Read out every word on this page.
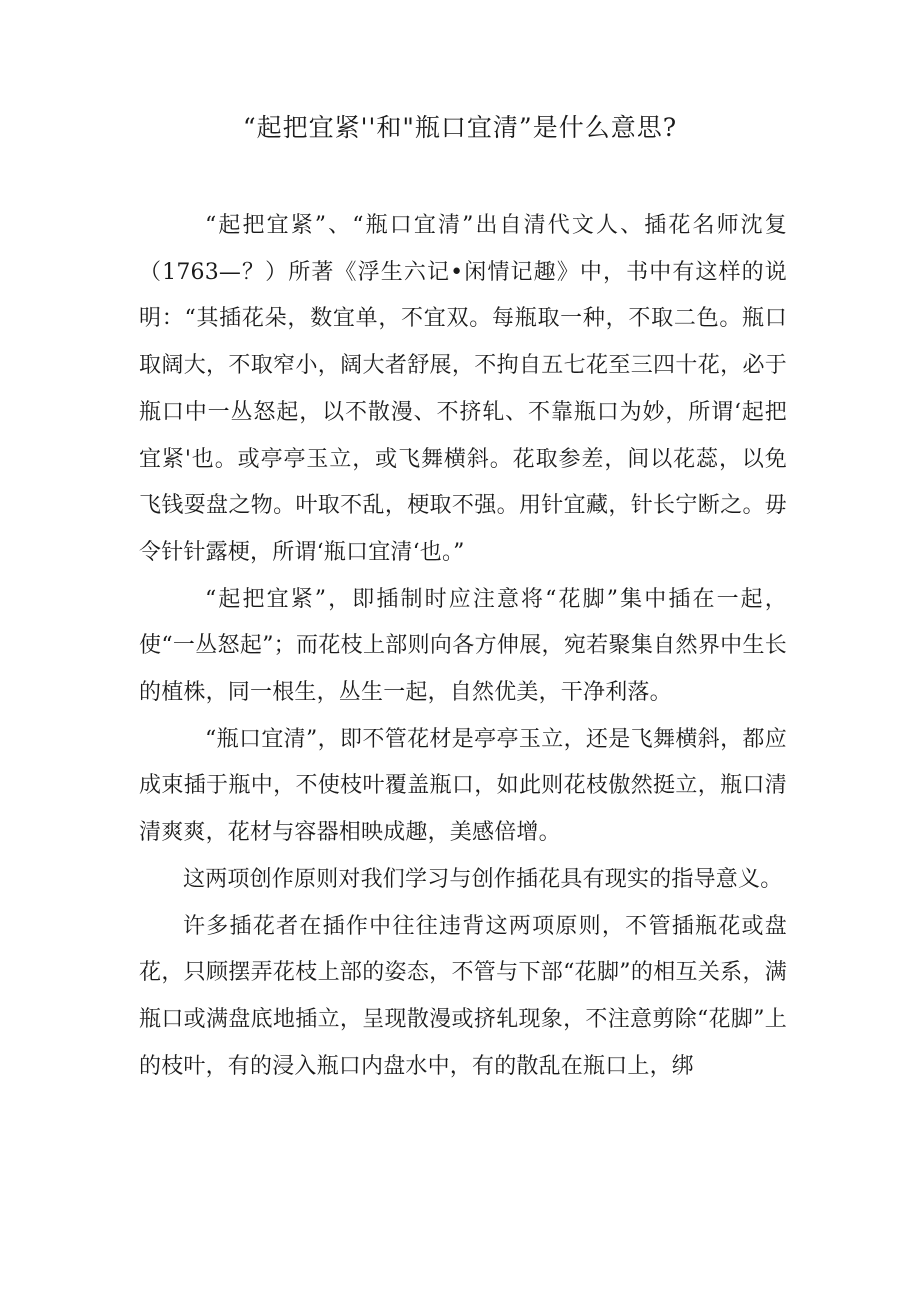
“起把宜紧''和"瓶口宜清”是什么意思?

“起把宜紧”、“瓶口宜清”出自清代文人、插花名师沈复（1763—？）所著《浮生六记•闲情记趣》中，书中有这样的说明：“其插花朵，数宜单，不宜双。每瓶取一种，不取二色。瓶口取阔大，不取窄小，阔大者舒展，不拘自五七花至三四十花，必于瓶口中一丛怒起，以不散漫、不挤轧、不靠瓶口为妙，所谓‘起把宜紧'也。或亭亭玉立，或飞舞横斜。花取参差，间以花蕊，以免飞钱耍盘之物。叶取不乱，梗取不强。用针宜藏，针长宁断之。毋令针针露梗，所谓‘瓶口宜清‘也。”

“起把宜紧”，即插制时应注意将“花脚”集中插在一起，使“一丛怒起”；而花枝上部则向各方伸展，宛若聚集自然界中生长的植株，同一根生，丛生一起，自然优美，干净利落。

“瓶口宜清”，即不管花材是亭亭玉立，还是飞舞横斜，都应成束插于瓶中，不使枝叶覆盖瓶口，如此则花枝傲然挺立，瓶口清清爽爽，花材与容器相映成趣，美感倍增。

这两项创作原则对我们学习与创作插花具有现实的指导意义。

许多插花者在插作中往往违背这两项原则，不管插瓶花或盘花，只顾摆弄花枝上部的姿态，不管与下部“花脚”的相互关系，满瓶口或满盘底地插立，呈现散漫或挤轧现象，不注意剪除“花脚”上的枝叶，有的浸入瓶口内盘水中，有的散乱在瓶口上，绑
